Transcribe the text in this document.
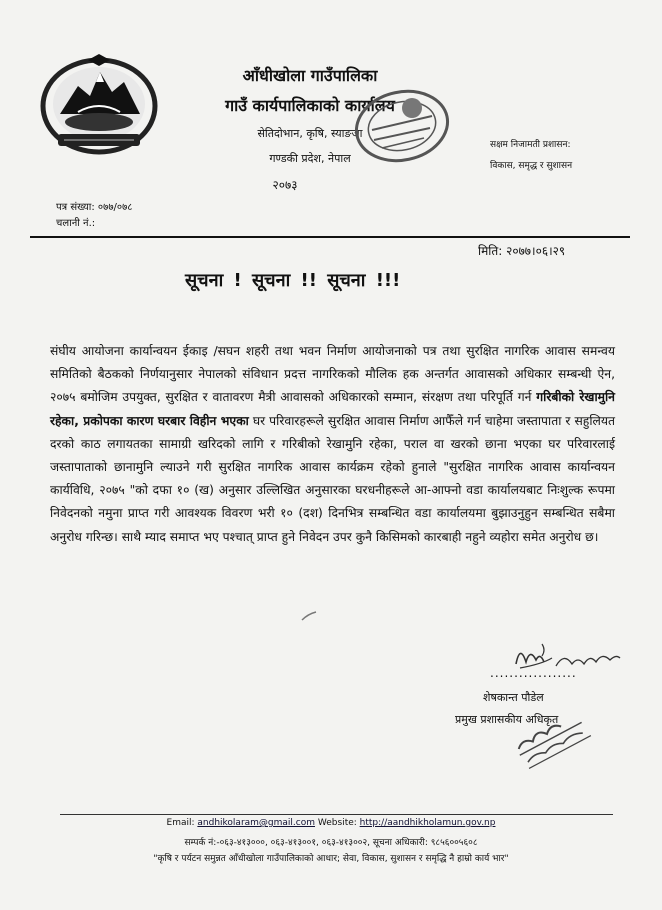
आँधीखोला गाउँपालिका
गाउँ कार्यपालिकाको कार्यालय
सेतिदोभान, कृषि, स्याङजा
गण्डकी प्रदेश, नेपाल
२०७३
सक्षम निजामती प्रशासन:
विकास, समृद्ध र सुशासन
पत्र संख्या: ०७७/०७८
चलानी नं.:
मिति: २०७७।०६।२९
सूचना ! सूचना !! सूचना !!!
संघीय आयोजना कार्यान्वयन ईकाइ /सघन शहरी तथा भवन निर्माण आयोजनाको पत्र तथा सुरक्षित नागरिक आवास समन्वय समितिको बैठकको निर्णयानुसार नेपालको संविधान प्रदत्त नागरिकको मौलिक हक अन्तर्गत आवासको अधिकार सम्बन्धी ऐन, २०७५ बमोजिम उपयुक्त, सुरक्षित र वातावरण मैत्री आवासको अधिकारको सम्मान, संरक्षण तथा परिपूर्ति गर्न गरिबीको रेखामुनि रहेका, प्रकोपका कारण घरबार विहीन भएका घर परिवारहरूले सुरक्षित आवास निर्माण आफैँले गर्न चाहेमा जस्तापाता र सहुलियत दरको काठ लगायतका सामाग्री खरिदको लागि र गरिबीको रेखामुनि रहेका, पराल वा खरको छाना भएका घर परिवारलाई जस्तापाताको छानामुनि ल्याउने गरी सुरक्षित नागरिक आवास कार्यक्रम रहेको हुनाले "सुरक्षित नागरिक आवास कार्यान्वयन कार्यविधि, २०७५ "को दफा १० (ख) अनुसार उल्लिखित अनुसारका घरधनीहरूले आ-आफ्नो वडा कार्यालयबाट निःशुल्क रूपमा निवेदनको नमुना प्राप्त गरी आवश्यक विवरण भरी १० (दश) दिनभित्र सम्बन्धित वडा कार्यालयमा बुझाउनुहुन सम्बन्धित सबैमा अनुरोध गरिन्छ। साथै म्याद समाप्त भए पश्चात् प्राप्त हुने निवेदन उपर कुनै किसिमको कारबाही नहुने व्यहोरा समेत अनुरोध छ।
..................
शेषकान्त पौडेल
प्रमुख प्रशासकीय अधिकृत
Email: andhikolaram@gmail.com Website: http://aandhikholamun.gov.np
सम्पर्क नं:-०६३-४१३०००, ०६३-४१३००१, ०६३-४१३००२, सूचना अधिकारी: ९८५६००५६०८
"कृषि र पर्यटन समुन्नत आँधीखोला गाउँपालिकाको आधार; सेवा, विकास, सुशासन र समृद्धि नै हाम्रो कार्य भार"
